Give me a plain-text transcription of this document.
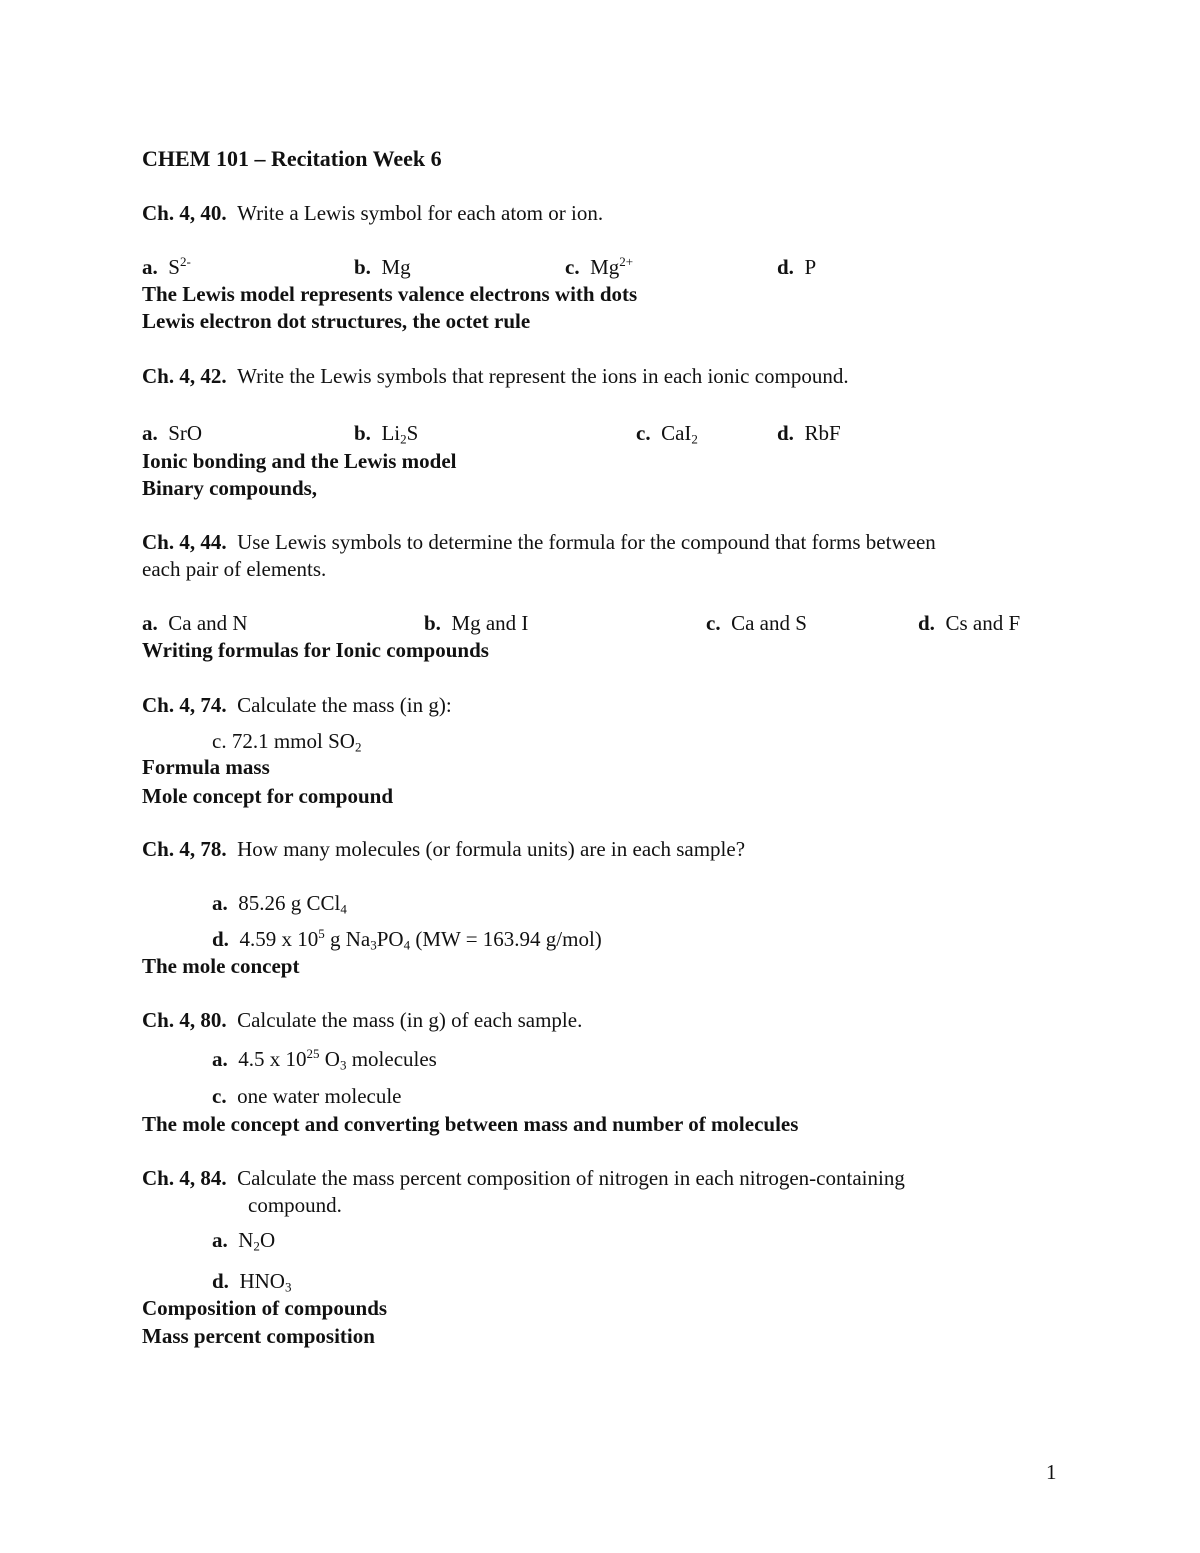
CHEM 101 – Recitation Week 6
Ch. 4, 40. Write a Lewis symbol for each atom or ion.
a. $S^{2-}$	b. Mg	c. $Mg^{2+}$	d. P
The Lewis model represents valence electrons with dots
Lewis electron dot structures, the octet rule
Ch. 4, 42. Write the Lewis symbols that represent the ions in each ionic compound.
a. SrO	b. $Li_2S$	c. CaI$_2$	d. RbF
Ionic bonding and the Lewis model
Binary compounds,
Ch. 4, 44. Use Lewis symbols to determine the formula for the compound that forms between
each pair of elements.
a. Ca and N	b. Mg and I	c. Ca and S	d. Cs and F
Writing formulas for Ionic compounds
Ch. 4, 74. Calculate the mass (in g):
c. 72.1 mmol $SO_2$
Formula mass
Mole concept for compound
Ch. 4, 78. How many molecules (or formula units) are in each sample?
a. 85.26 g CCl$_4$
d. 4.59 x $10^5$ g $Na_3PO_4$ (MW = 163.94 g/mol)
The mole concept
Ch. 4, 80. Calculate the mass (in g) of each sample.
a. 4.5 x $10^{25}$ $O_3$ molecules
c. one water molecule
The mole concept and converting between mass and number of molecules
Ch. 4, 84. Calculate the mass percent composition of nitrogen in each nitrogen-containing
compound.
a. $N_2O$
d. $HNO_3$
Composition of compounds
Mass percent composition
1
